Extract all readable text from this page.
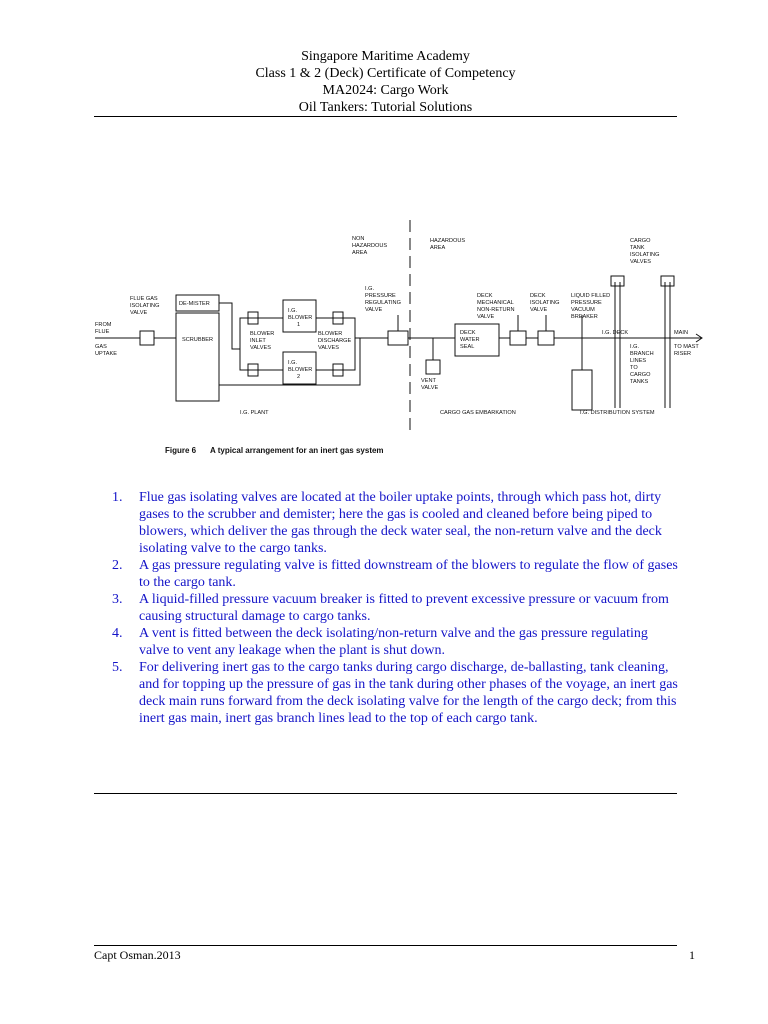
Singapore Maritime Academy
Class 1 & 2 (Deck) Certificate of Competency
MA2024: Cargo Work
Oil Tankers: Tutorial Solutions
NON
HAZARDOUS
AREA
HAZARDOUS
AREA
CARGO
TANK
ISOLATING
VALVES
FLUE GAS
ISOLATING
VALVE
FROM
FLUE
GAS
UPTAKE
DE-MISTER
SCRUBBER
I.G.
BLOWER
1
I.G.
BLOWER
2
BLOWER
INLET
VALVES
BLOWER
DISCHARGE
VALVES
I.G.
PRESSURE
REGULATING
VALVE
DECK
MECHANICAL
NON-RETURN
VALVE
DECK
ISOLATING
VALVE
LIQUID FILLED
PRESSURE
VACUUM
BREAKER
DECK
WATER
SEAL
VENT
VALVE
I.G. DECK	MAIN
TO MAST
RISER
I.G.
BRANCH
LINES
TO
CARGO
TANKS
I.G. PLANT	CARGO GAS EMBARKATION	I.G. DISTRIBUTION SYSTEM
Figure 6 A typical arrangement for an inert gas system
1. Flue gas isolating valves are located at the boiler uptake points, through which pass hot, dirty gases to the scrubber and demister; here the gas is cooled and cleaned before being piped to blowers, which deliver the gas through the deck water seal, the non-return valve and the deck isolating valve to the cargo tanks.
2. A gas pressure regulating valve is fitted downstream of the blowers to regulate the flow of gases to the cargo tank.
3. A liquid-filled pressure vacuum breaker is fitted to prevent excessive pressure or vacuum from causing structural damage to cargo tanks.
4. A vent is fitted between the deck isolating/non-return valve and the gas pressure regulating valve to vent any leakage when the plant is shut down.
5. For delivering inert gas to the cargo tanks during cargo discharge, de-ballasting, tank cleaning, and for topping up the pressure of gas in the tank during other phases of the voyage, an inert gas deck main runs forward from the deck isolating valve for the length of the cargo deck; from this inert gas main, inert gas branch lines lead to the top of each cargo tank.
Capt Osman.2013	1
